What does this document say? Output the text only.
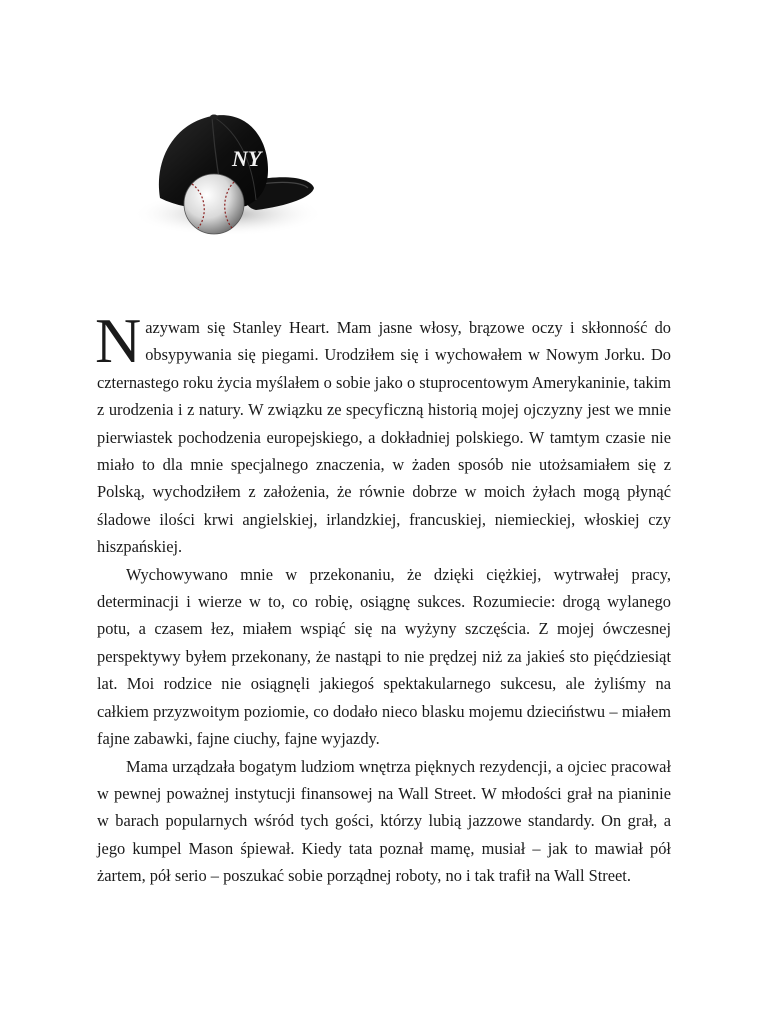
NY

Nazywam się Stanley Heart. Mam jasne włosy, brązowe oczy i skłonność do obsypywania się piegami. Urodziłem się i wychowałem w Nowym Jorku. Do czternastego roku życia myślałem o sobie jako o stuprocentowym Amerykaninie, takim z urodzenia i z natury. W związku ze specyficzną historią mojej ojczyzny jest we mnie pierwiastek pochodzenia europejskiego, a dokładniej polskiego. W tamtym czasie nie miało to dla mnie specjalnego znaczenia, w żaden sposób nie utożsamiałem się z Polską, wychodziłem z założenia, że równie dobrze w moich żyłach mogą płynąć śladowe ilości krwi angielskiej, irlandzkiej, francuskiej, niemieckiej, włoskiej czy hiszpańskiej.

Wychowywano mnie w przekonaniu, że dzięki ciężkiej, wytrwałej pracy, determinacji i wierze w to, co robię, osiągnę sukces. Rozumiecie: drogą wylanego potu, a czasem łez, miałem wspiąć się na wyżyny szczęścia. Z mojej ówczesnej perspektywy byłem przekonany, że nastąpi to nie prędzej niż za jakieś sto pięćdziesiąt lat. Moi rodzice nie osiągnęli jakiegoś spektakularnego sukcesu, ale żyliśmy na całkiem przyzwoitym poziomie, co dodało nieco blasku mojemu dzieciństwu – miałem fajne zabawki, fajne ciuchy, fajne wyjazdy.

Mama urządzała bogatym ludziom wnętrza pięknych rezydencji, a ojciec pracował w pewnej poważnej instytucji finansowej na Wall Street. W młodości grał na pianinie w barach popularnych wśród tych gości, którzy lubią jazzowe standardy. On grał, a jego kumpel Mason śpiewał. Kiedy tata poznał mamę, musiał – jak to mawiał pół żartem, pół serio – poszukać sobie porządnej roboty, no i tak trafił na Wall Street.
